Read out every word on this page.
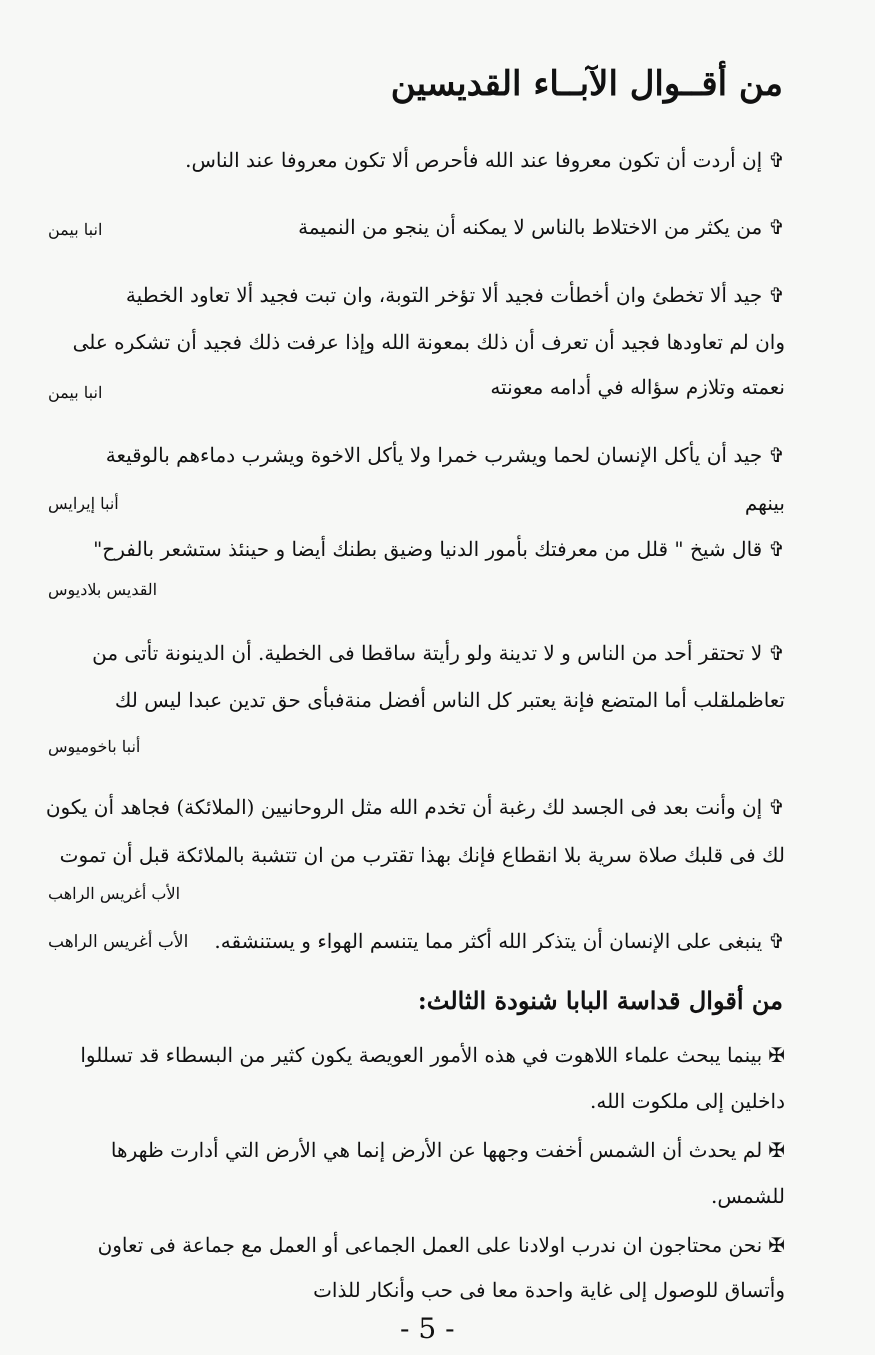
من أقــوال الآبــاء القديسين
✞إن أردت أن تكون معروفا عند الله فأحرص ألا تكون معروفا عند الناس.
✞من يكثر من الاختلاط بالناس لا يمكنه أن ينجو من النميمة
انبا بيمن
✞جيد ألا تخطئ وان أخطأت فجيد ألا تؤخر التوبة، وان تبت فجيد ألا تعاود الخطية
وان لم تعاودها فجيد أن تعرف أن ذلك بمعونة الله وإذا عرفت ذلك فجيد أن تشكره على
نعمته وتلازم سؤاله في أدامه معونته
انبا بيمن
✞جيد أن يأكل الإنسان لحما ويشرب خمرا ولا يأكل الاخوة ويشرب دماءهم بالوقيعة
بينهم
أنبا إيرايس
✞قال شيخ " قلل من معرفتك بأمور الدنيا وضيق بطنك أيضا و حينئذ ستشعر بالفرح"
القديس بلاديوس
✞لا تحتقر أحد من الناس و لا تدينة ولو رأيتة ساقطا فى الخطية. أن الدينونة تأتى من
تعاظملقلب أما المتضع فإنة يعتبر كل الناس أفضل منةفبأى حق تدين عبدا ليس لك
أنبا باخوميوس
✞إن وأنت بعد فى الجسد لك رغبة أن تخدم الله مثل الروحانيين (الملائكة) فجاهد أن يكون
لك فى قلبك صلاة سرية بلا انقطاع فإنك بهذا تقترب من ان تتشبة بالملائكة قبل أن تموت
الأب أغريس الراهب
✞ينبغى على الإنسان أن يتذكر الله أكثر مما يتنسم الهواء و يستنشقه.
الأب أغريس الراهب
من أقوال قداسة البابا شنودة الثالث:
✠بينما يبحث علماء اللاهوت في هذه الأمور العويصة يكون كثير من البسطاء قد تسللوا
داخلين إلى ملكوت الله.
✠لم يحدث أن الشمس أخفت وجهها عن الأرض إنما هي الأرض التي أدارت ظهرها
للشمس.
✠نحن محتاجون ان ندرب اولادنا على العمل الجماعى أو العمل مع جماعة فى تعاون
وأتساق للوصول إلى غاية واحدة معا فى حب وأنكار للذات
- 5 -
